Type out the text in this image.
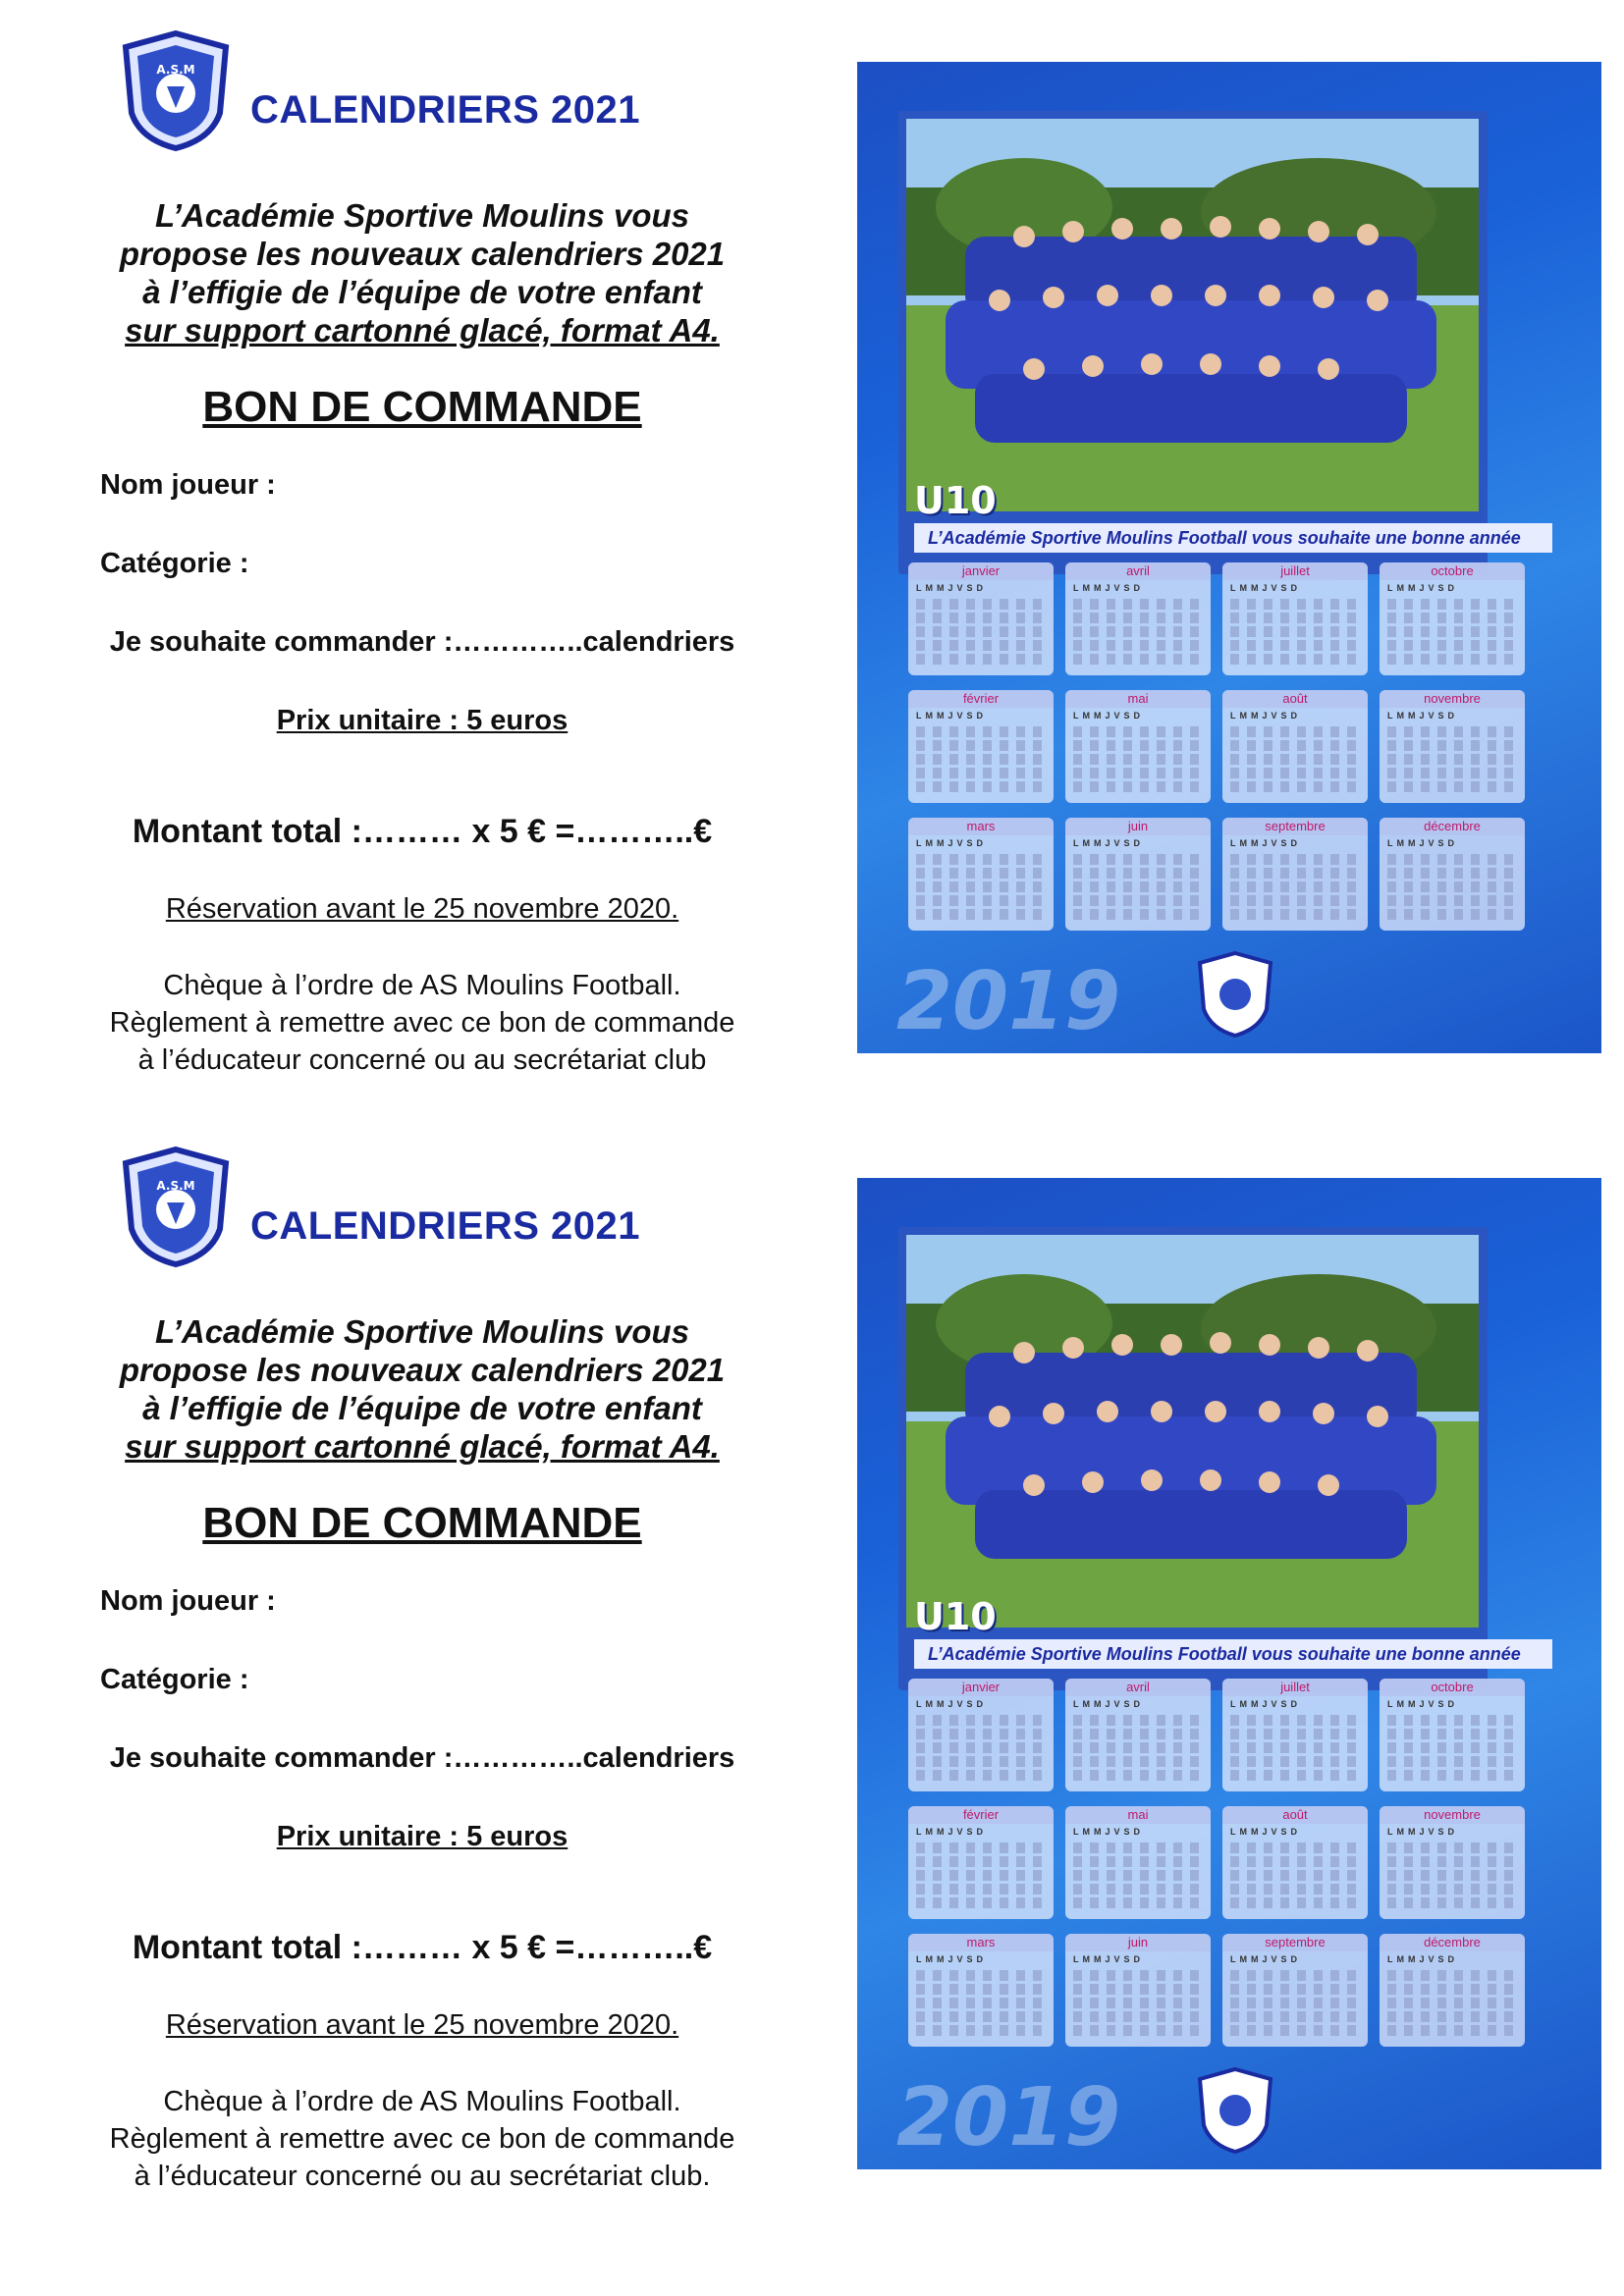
A.S.M
CALENDRIERS 2021
L’Académie Sportive Moulins vous
propose les nouveaux calendriers 2021
à l’effigie de l’équipe de votre enfant
sur support cartonné glacé, format A4.
BON DE COMMANDE
Nom joueur :
Catégorie :
Je souhaite commander :…………..calendriers
Prix unitaire : 5 euros
Montant total :……… x 5 € =………..€
Réservation avant le 25 novembre 2020.
Chèque à l’ordre de AS Moulins Football.
Règlement à remettre avec ce bon de commande
à l’éducateur concerné ou au secrétariat club
U10
L’Académie Sportive Moulins Football vous souhaite une bonne année
janvier
LMMJVSD
avril
LMMJVSD
juillet
LMMJVSD
octobre
LMMJVSD
février
LMMJVSD
mai
LMMJVSD
août
LMMJVSD
novembre
LMMJVSD
mars
LMMJVSD
juin
LMMJVSD
septembre
LMMJVSD
décembre
LMMJVSD
2019
A.S.M
CALENDRIERS 2021
L’Académie Sportive Moulins vous
propose les nouveaux calendriers 2021
à l’effigie de l’équipe de votre enfant
sur support cartonné glacé, format A4.
BON DE COMMANDE
Nom joueur :
Catégorie :
Je souhaite commander :…………..calendriers
Prix unitaire : 5 euros
Montant total :……… x 5 € =………..€
Réservation avant le 25 novembre 2020.
Chèque à l’ordre de AS Moulins Football.
Règlement à remettre avec ce bon de commande
à l’éducateur concerné ou au secrétariat club.
U10
L’Académie Sportive Moulins Football vous souhaite une bonne année
janvier
LMMJVSD
avril
LMMJVSD
juillet
LMMJVSD
octobre
LMMJVSD
février
LMMJVSD
mai
LMMJVSD
août
LMMJVSD
novembre
LMMJVSD
mars
LMMJVSD
juin
LMMJVSD
septembre
LMMJVSD
décembre
LMMJVSD
2019
